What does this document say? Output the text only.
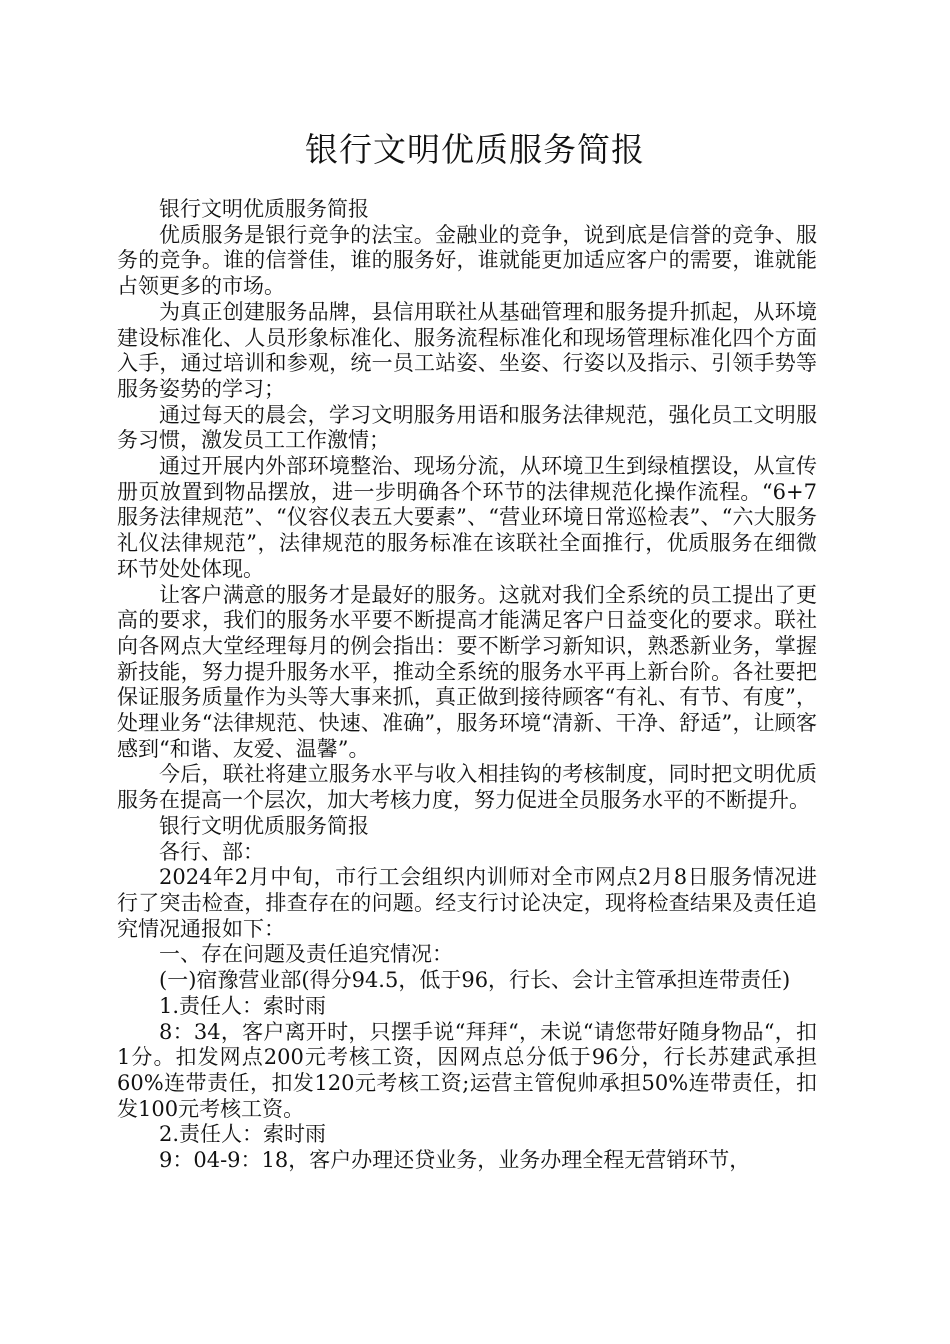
银行文明优质服务简报

银行文明优质服务简报

优质服务是银行竞争的法宝。金融业的竞争，说到底是信誉的竞争、服务的竞争。谁的信誉佳，谁的服务好，谁就能更加适应客户的需要，谁就能占领更多的市场。

为真正创建服务品牌，县信用联社从基础管理和服务提升抓起，从环境建设标准化、人员形象标准化、服务流程标准化和现场管理标准化四个方面入手，通过培训和参观，统一员工站姿、坐姿、行姿以及指示、引领手势等服务姿势的学习；

通过每天的晨会，学习文明服务用语和服务法律规范，强化员工文明服务习惯，激发员工工作激情；

通过开展内外部环境整治、现场分流，从环境卫生到绿植摆设，从宣传册页放置到物品摆放，进一步明确各个环节的法律规范化操作流程。“6+7服务法律规范”、“仪容仪表五大要素”、“营业环境日常巡检表”、“六大服务礼仪法律规范”，法律规范的服务标准在该联社全面推行，优质服务在细微环节处处体现。

让客户满意的服务才是最好的服务。这就对我们全系统的员工提出了更高的要求，我们的服务水平要不断提高才能满足客户日益变化的要求。联社向各网点大堂经理每月的例会指出：要不断学习新知识，熟悉新业务，掌握新技能，努力提升服务水平，推动全系统的服务水平再上新台阶。各社要把保证服务质量作为头等大事来抓，真正做到接待顾客“有礼、有节、有度”，处理业务“法律规范、快速、准确”，服务环境“清新、干净、舒适”，让顾客感到“和谐、友爱、温馨”。

今后，联社将建立服务水平与收入相挂钩的考核制度，同时把文明优质服务在提高一个层次，加大考核力度，努力促进全员服务水平的不断提升。

银行文明优质服务简报

各行、部：

2024年2月中旬，市行工会组织内训师对全市网点2月8日服务情况进行了突击检查，排查存在的问题。经支行讨论决定，现将检查结果及责任追究情况通报如下：

一、存在问题及责任追究情况：

(一)宿豫营业部(得分94.5，低于96，行长、会计主管承担连带责任)

1.责任人：索时雨

8：34，客户离开时，只摆手说“拜拜“，未说“请您带好随身物品“，扣1分。扣发网点200元考核工资，因网点总分低于96分，行长苏建武承担60%连带责任，扣发120元考核工资;运营主管倪帅承担50%连带责任，扣发100元考核工资。

2.责任人：索时雨

9：04-9：18，客户办理还贷业务，业务办理全程无营销环节，
